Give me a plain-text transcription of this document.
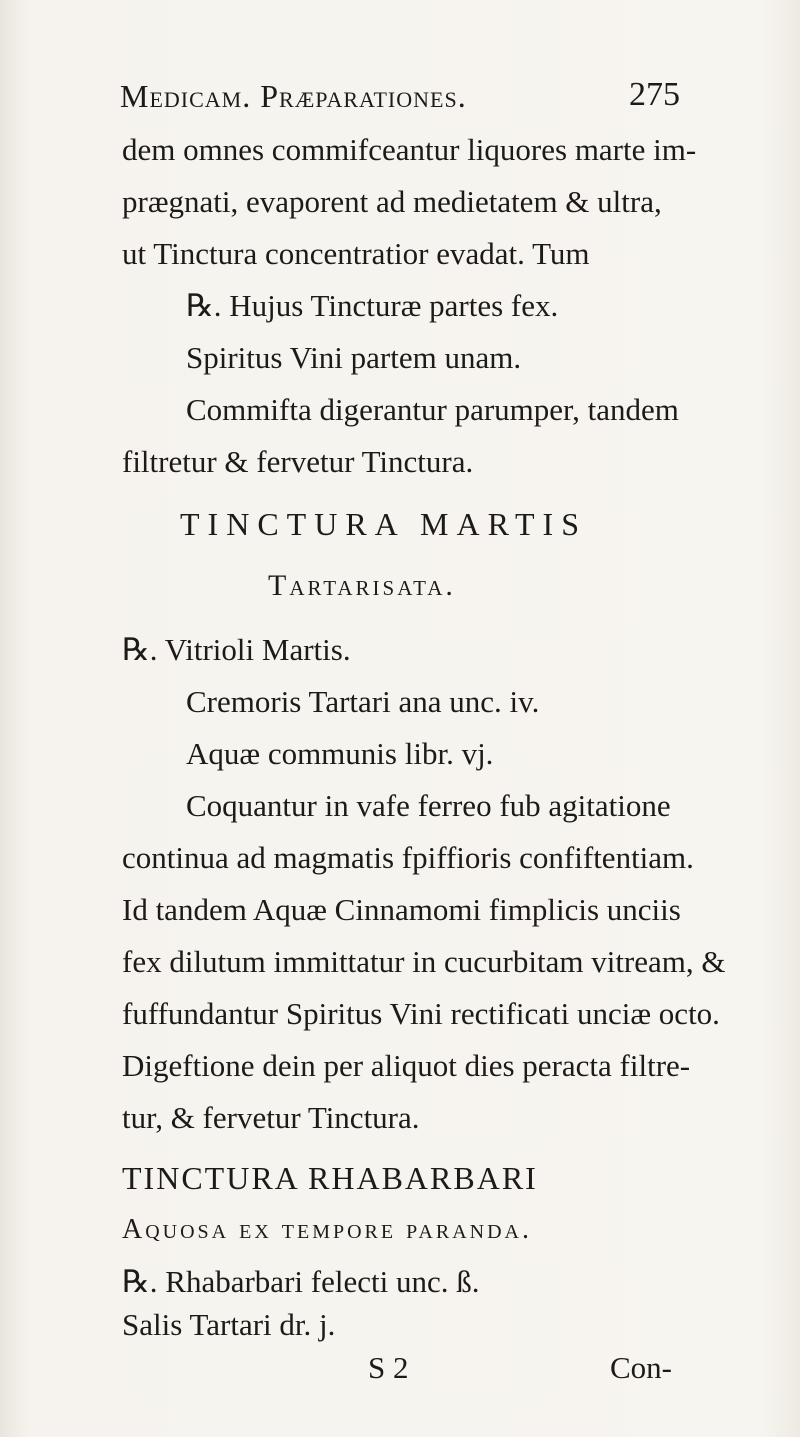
Medicam. Præparationes.	275
dem omnes commifceantur liquores marte im-
prægnati, evaporent ad medietatem & ultra,
ut Tinctura concentratior evadat. Tum
℞. Hujus Tincturæ partes fex.
Spiritus Vini partem unam.
Commifta digerantur parumper, tandem
filtretur & fervetur Tinctura.
TINCTURA MARTIS
Tartarisata.
℞. Vitrioli Martis.
Cremoris Tartari ana unc. iv.
Aquæ communis libr. vj.
Coquantur in vafe ferreo fub agitatione
continua ad magmatis fpiffioris confiftentiam.
Id tandem Aquæ Cinnamomi fimplicis unciis
fex dilutum immittatur in cucurbitam vitream, &
fuffundantur Spiritus Vini rectificati unciæ octo.
Digeftione dein per aliquot dies peracta filtre-
tur, & fervetur Tinctura.
TINCTURA RHABARBARI
Aquosa ex tempore paranda.
℞. Rhabarbari felecti unc. ß.
Salis Tartari dr. j.
S 2	Con-
